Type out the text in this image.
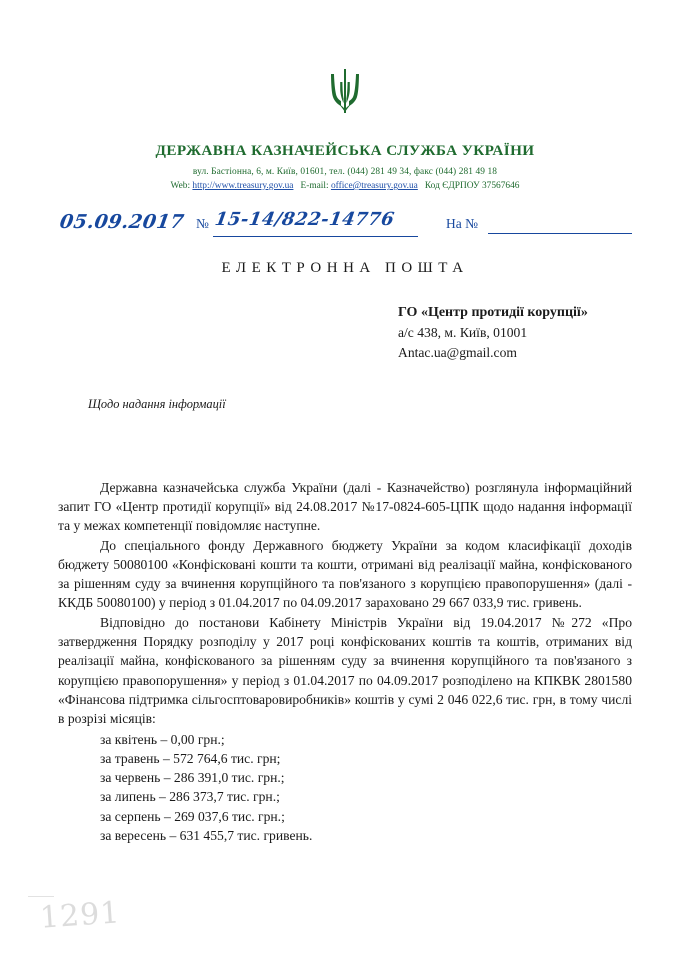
ДЕРЖАВНА КАЗНАЧЕЙСЬКА СЛУЖБА УКРАЇНИ
вул. Бастіонна, 6, м. Київ, 01601, тел. (044) 281 49 34, факс (044) 281 49 18
Web: http://www.treasury.gov.ua E-mail: office@treasury.gov.ua Код ЄДРПОУ 37567646
05.09.2017 № 15-14/822-14776	На №
ЕЛЕКТРОННА ПОШТА
ГО «Центр протидії корупції»
а/с 438, м. Київ, 01001
Antac.ua@gmail.com
Щодо надання інформації

Державна казначейська служба України (далі - Казначейство) розглянула інформаційний запит ГО «Центр протидії корупції» від 24.08.2017 №17-0824-605-ЦПК щодо надання інформації та у межах компетенції повідомляє наступне.

До спеціального фонду Державного бюджету України за кодом класифікації доходів бюджету 50080100 «Конфісковані кошти та кошти, отримані від реалізації майна, конфіскованого за рішенням суду за вчинення корупційного та пов'язаного з корупцією правопорушення» (далі - ККДБ 50080100) у період з 01.04.2017 по 04.09.2017 зараховано 29 667 033,9 тис. гривень.

Відповідно до постанови Кабінету Міністрів України від 19.04.2017 №272 «Про затвердження Порядку розподілу у 2017 році конфіскованих коштів та коштів, отриманих від реалізації майна, конфіскованого за рішенням суду за вчинення корупційного та пов'язаного з корупцією правопорушення» у період з 01.04.2017 по 04.09.2017 розподілено на КПКВК 2801580 «Фінансова підтримка сільгосптоваровиробників» коштів у сумі 2 046 022,6 тис. грн, в тому числі в розрізі місяців:

за квітень – 0,00 грн.;
за травень – 572 764,6 тис. грн;
за червень – 286 391,0 тис. грн.;
за липень – 286 373,7 тис. грн.;
за серпень – 269 037,6 тис. грн.;
за вересень – 631 455,7 тис. гривень.
1291
